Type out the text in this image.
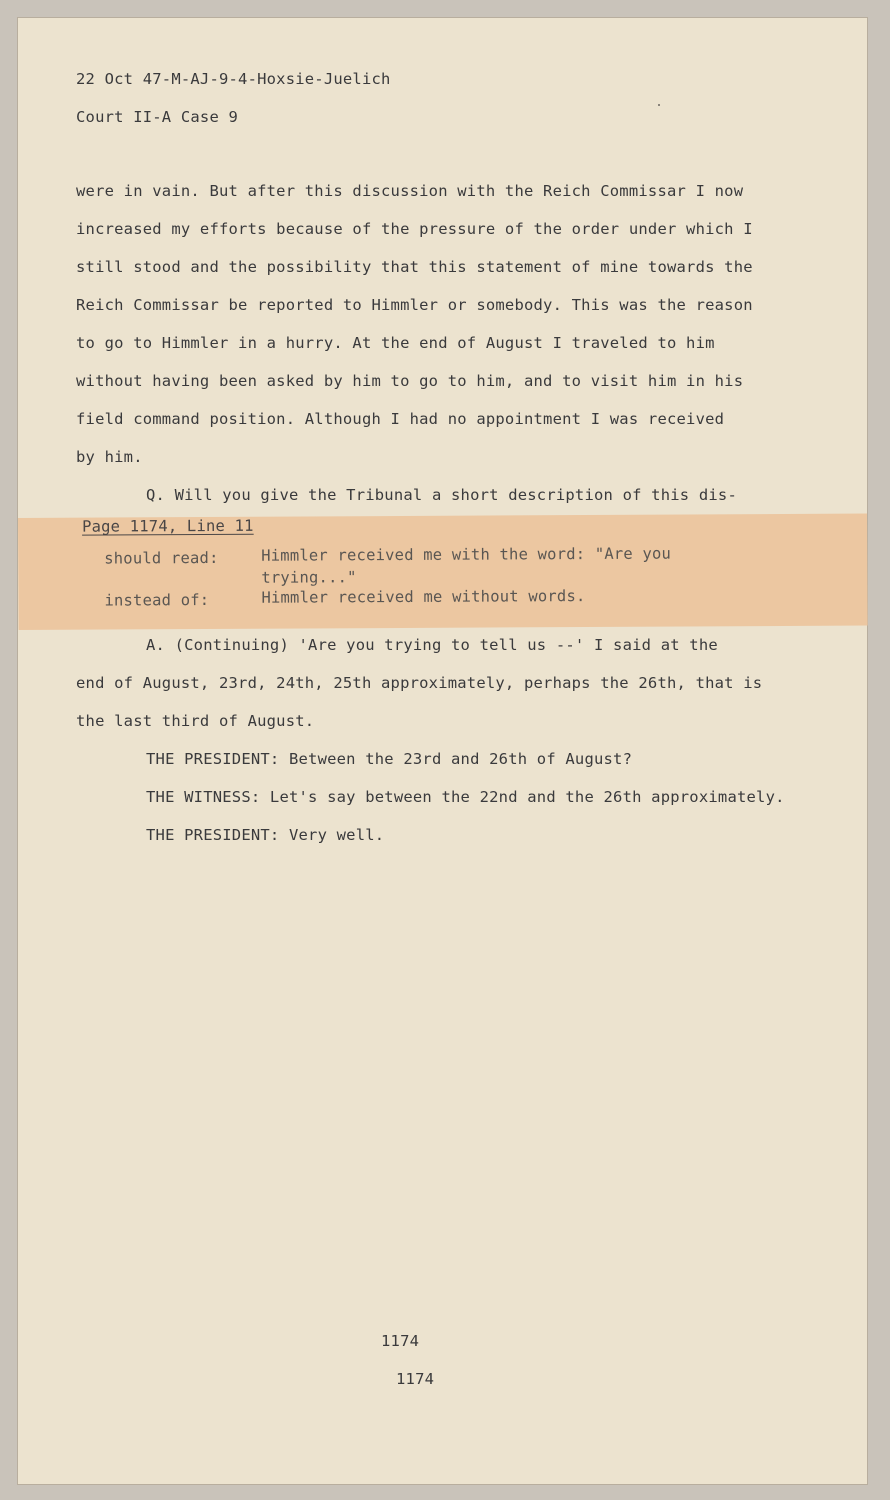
22 Oct 47-M-AJ-9-4-Hoxsie-Juelich
Court II-A Case 9
were in vain. But after this discussion with the Reich Commissar I now
increased my efforts because of the pressure of the order under which I
still stood and the possibility that this statement of mine towards the
Reich Commissar be reported to Himmler or somebody. This was the reason
to go to Himmler in a hurry. At the end of August I traveled to him
without having been asked by him to go to him, and to visit him in his
field command position. Although I had no appointment I was received
by him.
Q. Will you give the Tribunal a short description of this dis-
Page 1174, Line 11
should read:	Himmler received me with the word: "Are you
trying..."
instead of:	Himmler received me without words.
A. (Continuing) 'Are you trying to tell us --' I said at the
end of August, 23rd, 24th, 25th approximately, perhaps the 26th, that is
the last third of August.
THE PRESIDENT: Between the 23rd and 26th of August?
THE WITNESS: Let's say between the 22nd and the 26th approximately.
THE PRESIDENT: Very well.
1174
1174
